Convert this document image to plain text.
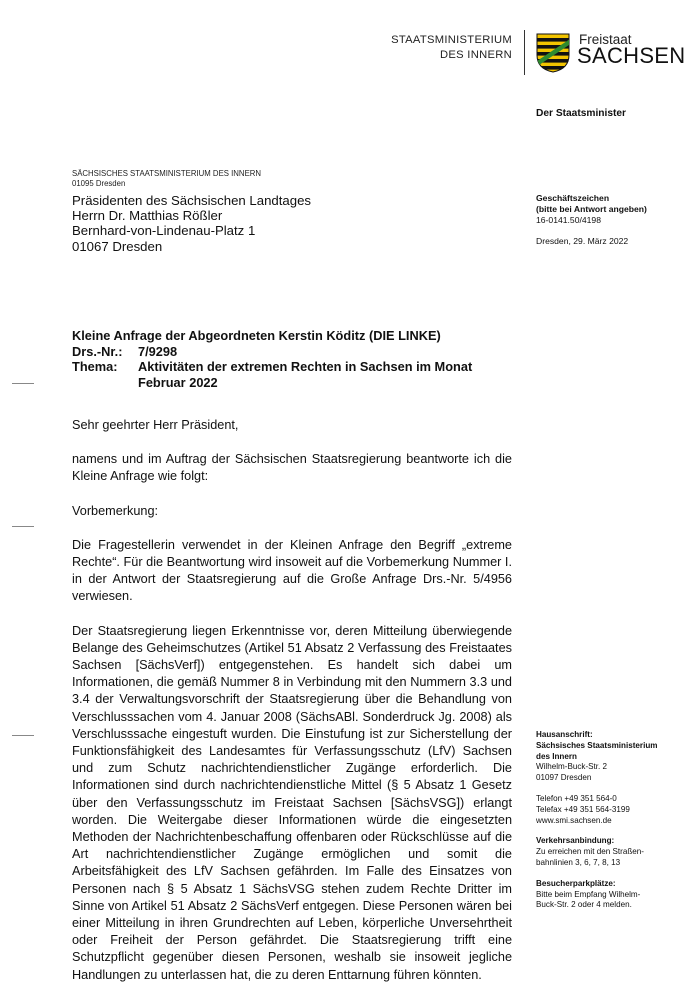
STAATSMINISTERIUM
DES INNERN
Freistaat
SACHSEN
Der Staatsminister
SÄCHSISCHES STAATSMINISTERIUM DES INNERN
01095 Dresden
Präsidenten des Sächsischen Landtages
Herrn Dr. Matthias Rößler
Bernhard-von-Lindenau-Platz 1
01067 Dresden
Geschäftszeichen
(bitte bei Antwort angeben)
16-0141.50/4198
Dresden, 29. März 2022
Kleine Anfrage der Abgeordneten Kerstin Köditz (DIE LINKE)
Drs.-Nr.:	7/9298
Thema:	Aktivitäten der extremen Rechten in Sachsen im Monat
Februar 2022

Sehr geehrter Herr Präsident,

namens und im Auftrag der Sächsischen Staatsregierung beantworte ich die Kleine Anfrage wie folgt:

Vorbemerkung:

Die Fragestellerin verwendet in der Kleinen Anfrage den Begriff „extreme Rechte“. Für die Beantwortung wird insoweit auf die Vorbemerkung Nummer I. in der Antwort der Staatsregierung auf die Große Anfrage Drs.-Nr. 5/4956 verwiesen.

Der Staatsregierung liegen Erkenntnisse vor, deren Mitteilung überwiegende Belange des Geheimschutzes (Artikel 51 Absatz 2 Verfassung des Freistaates Sachsen [SächsVerf]) entgegenstehen. Es handelt sich dabei um Informationen, die gemäß Nummer 8 in Verbindung mit den Nummern 3.3 und 3.4 der Verwaltungsvorschrift der Staatsregierung über die Behandlung von Verschlusssachen vom 4. Januar 2008 (SächsABl. Sonderdruck Jg. 2008) als Verschlusssache eingestuft wurden. Die Einstufung ist zur Sicherstellung der Funktionsfähigkeit des Landesamtes für Verfassungsschutz (LfV) Sachsen und zum Schutz nachrichtendienstlicher Zugänge erforderlich. Die Informationen sind durch nachrichtendienstliche Mittel (§ 5 Absatz 1 Gesetz über den Verfassungsschutz im Freistaat Sachsen [SächsVSG]) erlangt worden. Die Weitergabe dieser Informationen würde die eingesetzten Methoden der Nachrichtenbeschaffung offenbaren oder Rückschlüsse auf die Art nachrichtendienstlicher Zugänge ermöglichen und somit die Arbeitsfähigkeit des LfV Sachsen gefährden. Im Falle des Einsatzes von Personen nach § 5 Absatz 1 SächsVSG stehen zudem Rechte Dritter im Sinne von Artikel 51 Absatz 2 SächsVerf entgegen. Diese Personen wären bei einer Mitteilung in ihren Grundrechten auf Leben, körperliche Unversehrtheit oder Freiheit der Person gefährdet. Die Staatsregierung trifft eine Schutzpflicht gegenüber diesen Personen, weshalb sie insoweit jegliche Handlungen zu unterlassen hat, die zu deren Enttarnung führen könnten.

Hausanschrift:
Sächsisches Staatsministerium
des Innern
Wilhelm-Buck-Str. 2
01097 Dresden
Telefon +49 351 564-0
Telefax +49 351 564-3199
www.smi.sachsen.de
Verkehrsanbindung:
Zu erreichen mit den Straßen-
bahnlinien 3, 6, 7, 8, 13
Besucherparkplätze:
Bitte beim Empfang Wilhelm-
Buck-Str. 2 oder 4 melden.
